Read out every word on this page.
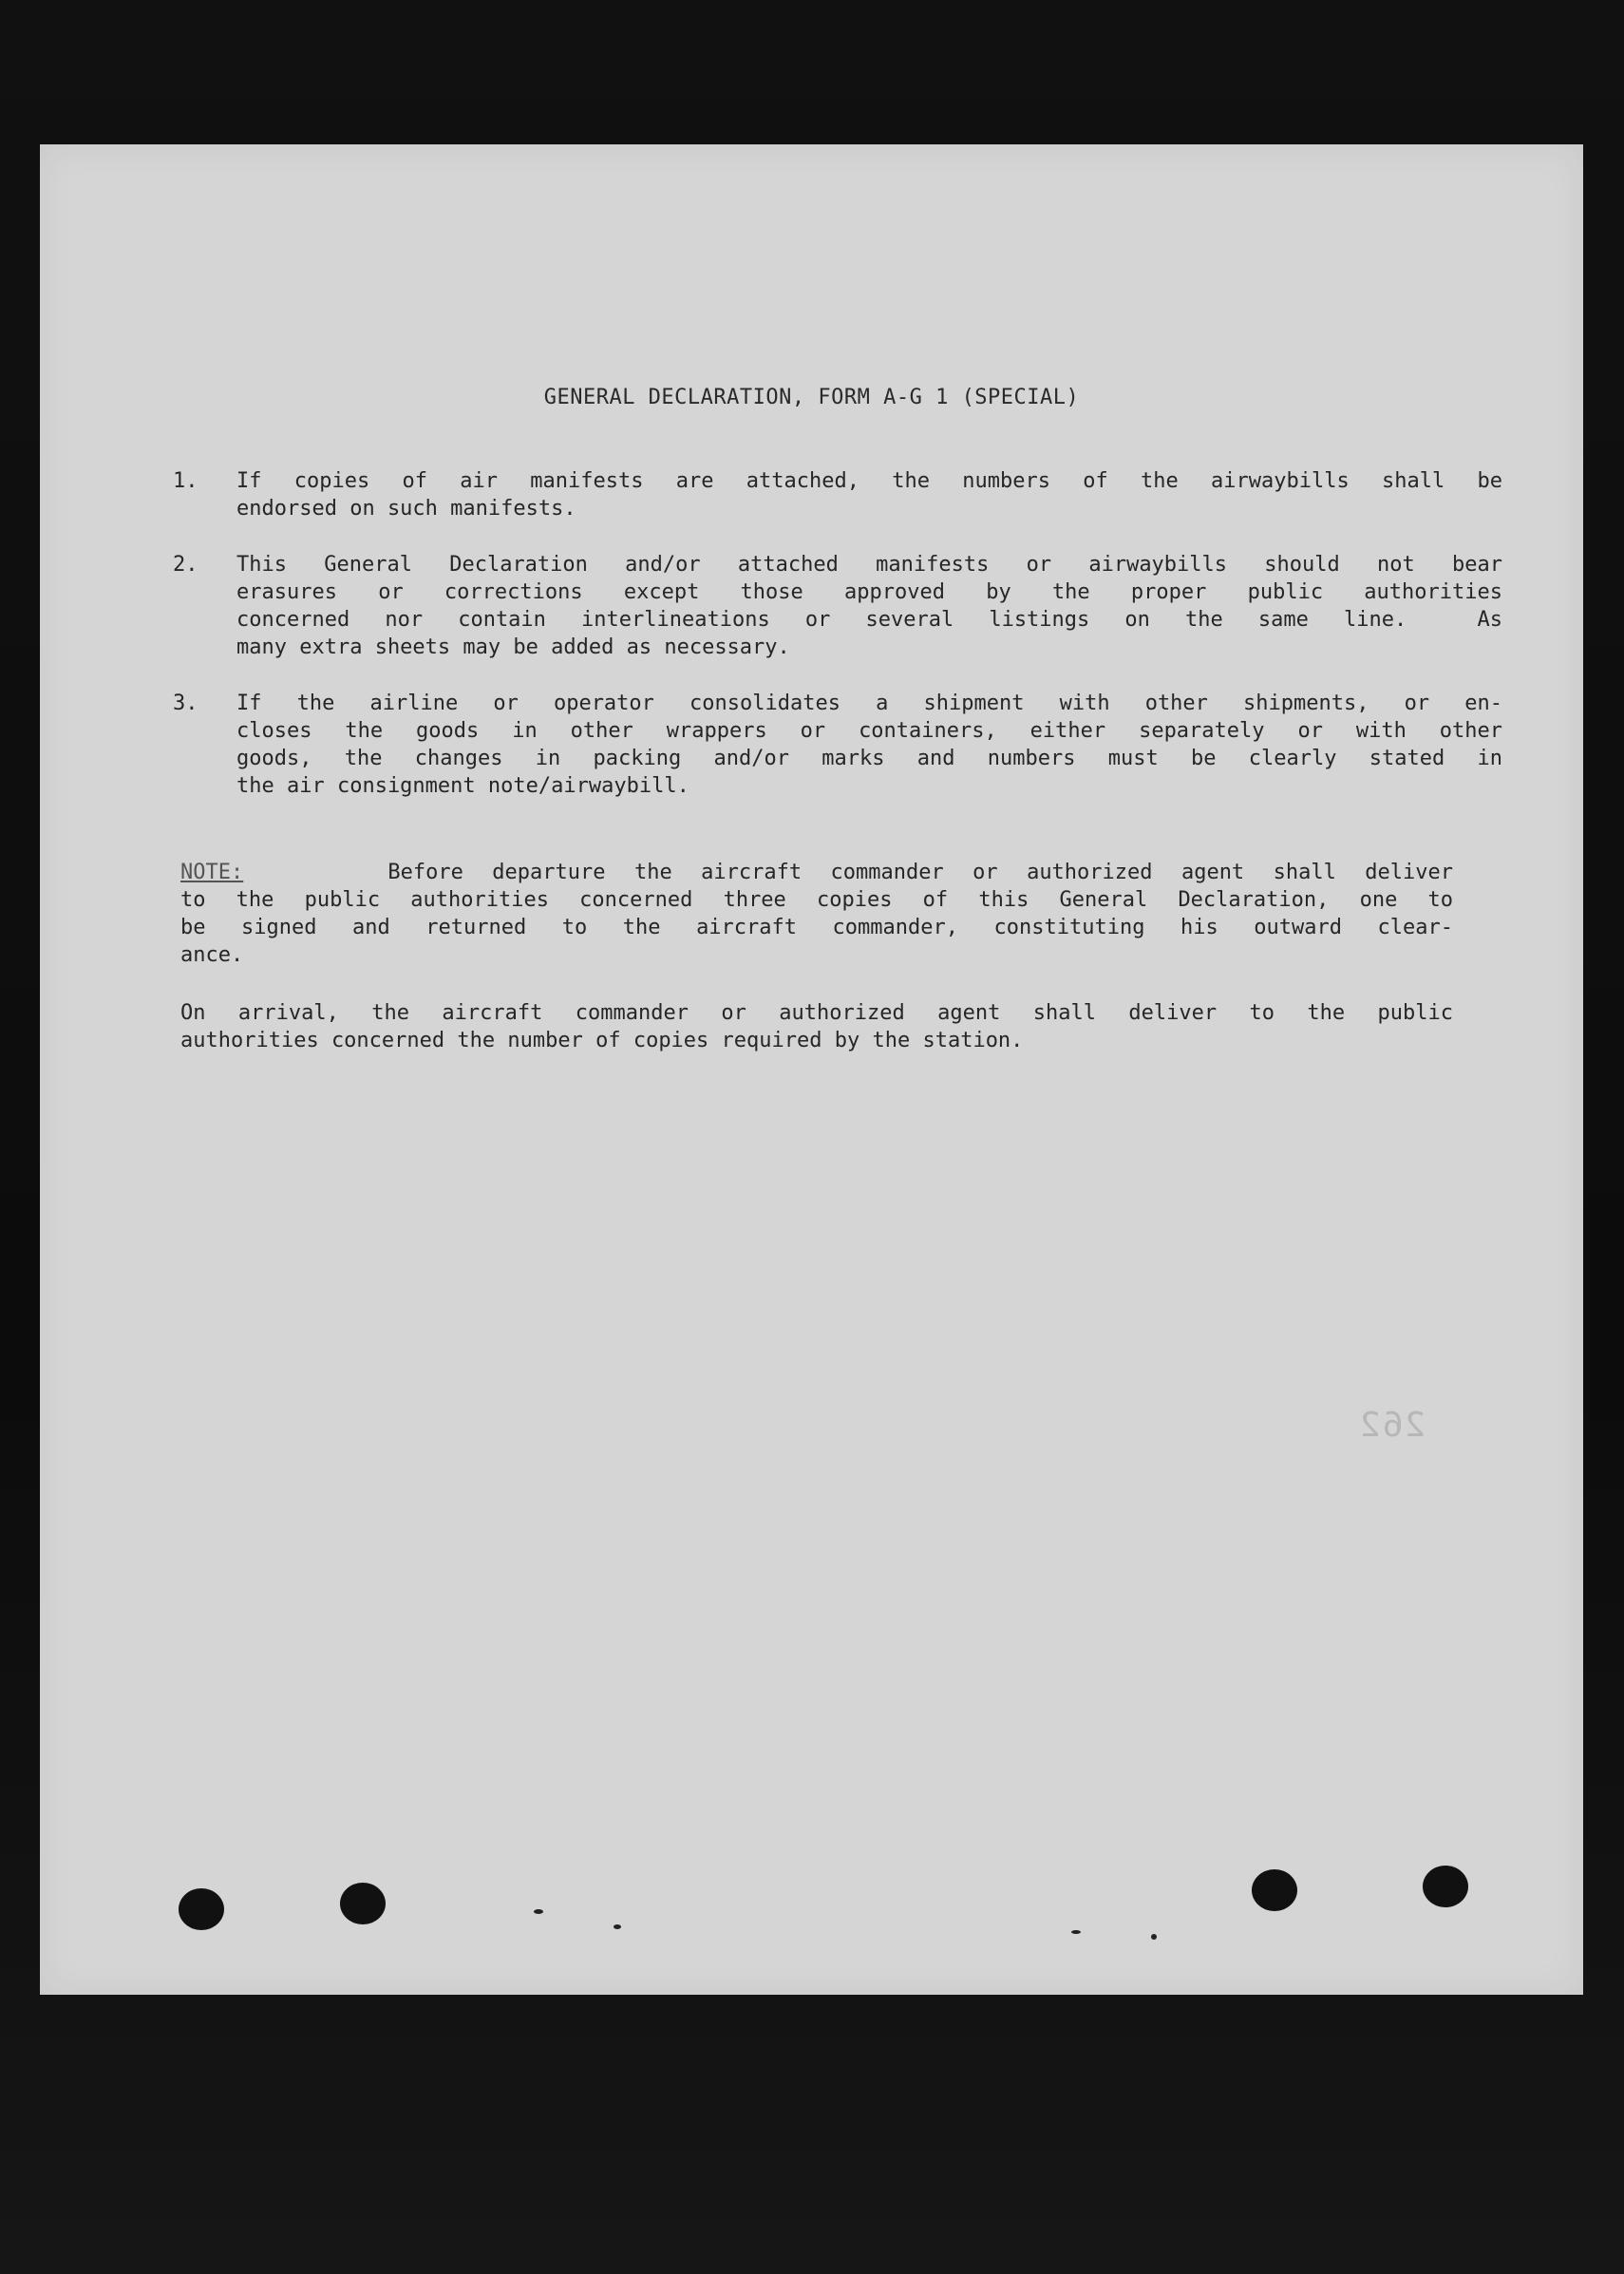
GENERAL DECLARATION, FORM A-G 1 (SPECIAL)
1.	If copies of air manifests are attached, the numbers of the airwaybills shall be
endorsed on such manifests.
2.	This General Declaration and/or attached manifests or airwaybills should not bear
erasures or corrections except those approved by the proper public authorities
concerned nor contain interlineations or several listings on the same line.  As
many extra sheets may be added as necessary.
3.	If the airline or operator consolidates a shipment with other shipments, or en-
closes the goods in other wrappers or containers, either separately or with other
goods, the changes in packing and/or marks and numbers must be clearly stated in
the air consignment note/airwaybill.
NOTE:	Before departure the aircraft commander or authorized agent shall deliver
to the public authorities concerned three copies of this General Declaration, one to
be signed and returned to the aircraft commander, constituting his outward clear-
ance.
On arrival, the aircraft commander or authorized agent shall deliver to the public
authorities concerned the number of copies required by the station.
262
